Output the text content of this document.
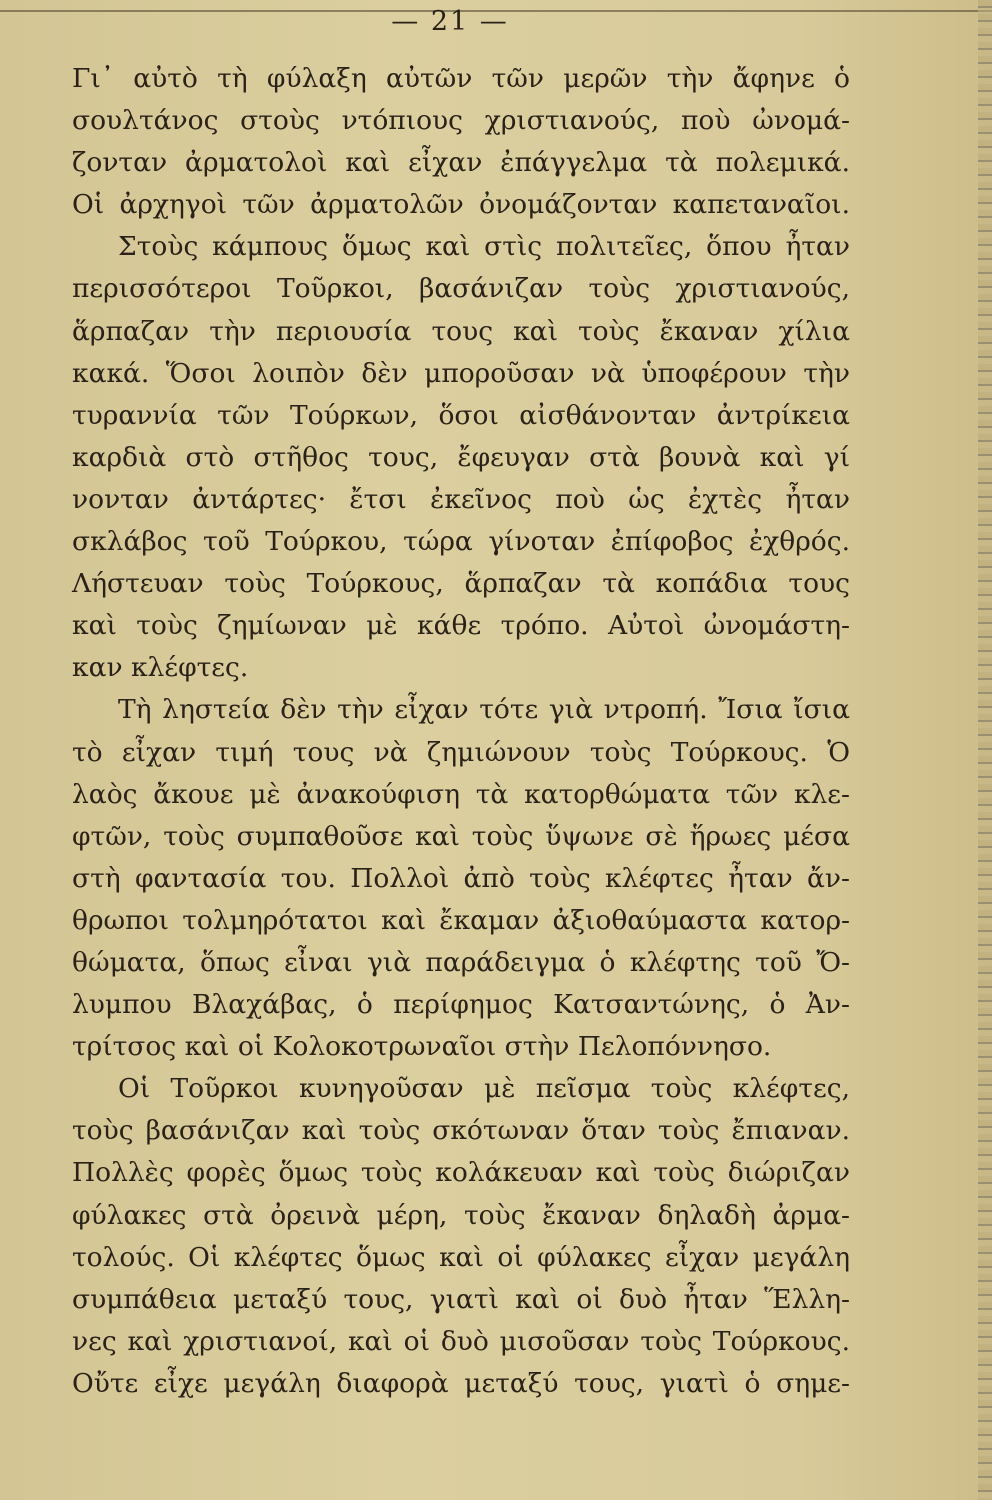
— 21 —
Γι᾿ αὐτὸ τὴ φύλαξη αὐτῶν τῶν μερῶν τὴν ἄφηνε ὁ
σουλτάνος στοὺς ντόπιους χριστιανούς, ποὺ ὠνομά-
ζονταν ἀρματολοὶ καὶ εἶχαν ἐπάγγελμα τὰ πολεμικά.
Οἱ ἀρχηγοὶ τῶν ἀρματολῶν ὀνομάζονταν καπεταναῖοι.
Στοὺς κάμπους ὅμως καὶ στὶς πολιτεῖες, ὅπου ἦταν
περισσότεροι Τοῦρκοι, βασάνιζαν τοὺς χριστιανούς,
ἅρπαζαν τὴν περιουσία τους καὶ τοὺς ἔκαναν χίλια
κακά. Ὅσοι λοιπὸν δὲν μποροῦσαν νὰ ὑποφέρουν τὴν
τυραννία τῶν Τούρκων, ὅσοι αἰσθάνονταν ἀντρίκεια
καρδιὰ στὸ στῆθος τους, ἔφευγαν στὰ βουνὰ καὶ γί
νονταν ἀντάρτες· ἔτσι ἐκεῖνος ποὺ ὡς ἐχτὲς ἦταν
σκλάβος τοῦ Τούρκου, τώρα γίνοταν ἐπίφοβος ἐχθρός.
Λήστευαν τοὺς Τούρκους, ἅρπαζαν τὰ κοπάδια τους
καὶ τοὺς ζημίωναν μὲ κάθε τρόπο. Αὐτοὶ ὠνομάστη-
καν κλέφτες.
Τὴ ληστεία δὲν τὴν εἶχαν τότε γιὰ ντροπή. Ἴσια ἴσια
τὸ εἶχαν τιμή τους νὰ ζημιώνουν τοὺς Τούρκους. Ὁ
λαὸς ἄκουε μὲ ἀνακούφιση τὰ κατορθώματα τῶν κλε-
φτῶν, τοὺς συμπαθοῦσε καὶ τοὺς ὕψωνε σὲ ἥρωες μέσα
στὴ φαντασία του. Πολλοὶ ἀπὸ τοὺς κλέφτες ἦταν ἄν-
θρωποι τολμηρότατοι καὶ ἔκαμαν ἀξιοθαύμαστα κατορ-
θώματα, ὅπως εἶναι γιὰ παράδειγμα ὁ κλέφτης τοῦ Ὄ-
λυμπου Βλαχάβας, ὁ περίφημος Κατσαντώνης, ὁ Ἀν-
τρίτσος καὶ οἱ Κολοκοτρωναῖοι στὴν Πελοπόννησο.
Οἱ Τοῦρκοι κυνηγοῦσαν μὲ πεῖσμα τοὺς κλέφτες,
τοὺς βασάνιζαν καὶ τοὺς σκότωναν ὅταν τοὺς ἔπιαναν.
Πολλὲς φορὲς ὅμως τοὺς κολάκευαν καὶ τοὺς διώριζαν
φύλακες στὰ ὀρεινὰ μέρη, τοὺς ἔκαναν δηλαδὴ ἀρμα-
τολούς. Οἱ κλέφτες ὅμως καὶ οἱ φύλακες εἶχαν μεγάλη
συμπάθεια μεταξύ τους, γιατὶ καὶ οἱ δυὸ ἦταν Ἕλλη-
νες καὶ χριστιανοί, καὶ οἱ δυὸ μισοῦσαν τοὺς Τούρκους.
Οὔτε εἶχε μεγάλη διαφορὰ μεταξύ τους, γιατὶ ὁ σημε-
